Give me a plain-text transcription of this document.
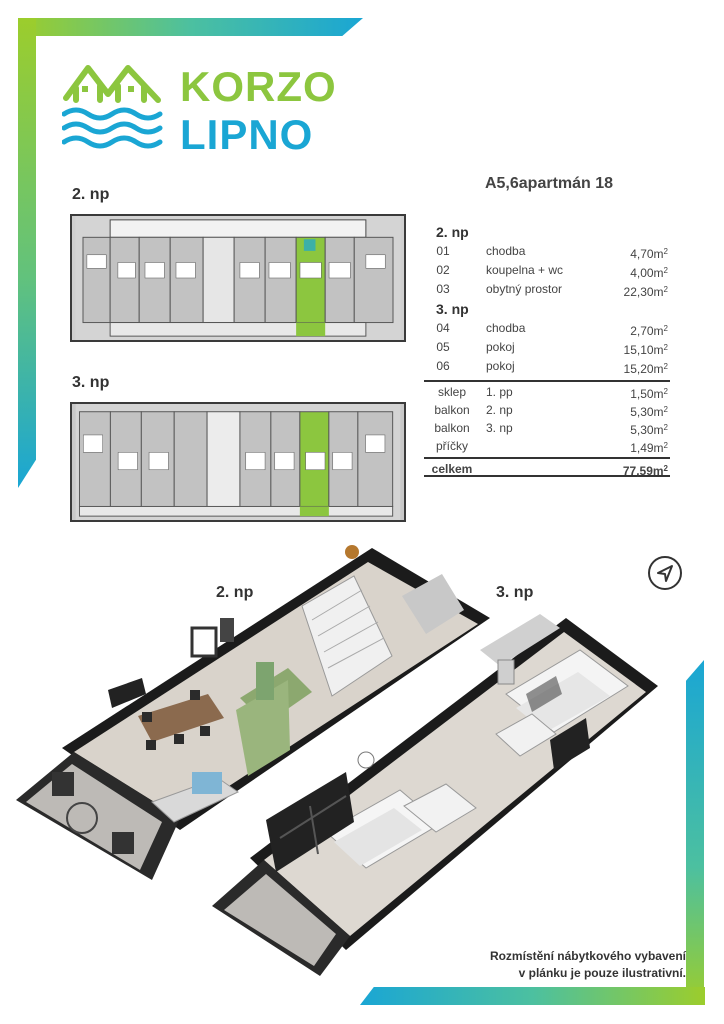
KORZO
LIPNO
2. np
3. np
A5,6apartmán 18
2. np
01	chodba	$4,70m^2$
02	koupelna + wc	$4,00m^2$
03	obytný prostor	$22,30m^2$
3. np
04	chodba	$2,70m^2$
05	pokoj	$15,10m^2$
06	pokoj	$15,20m^2$
sklep	1. pp	$1,50m^2$
balkon	2. np	$5,30m^2$
balkon	3. np	$5,30m^2$
příčky	$1,49m^2$
celkem	$77,59m^2$
2. np	3. np
Rozmístění nábytkového vybavení
v plánku je pouze ilustrativní.
